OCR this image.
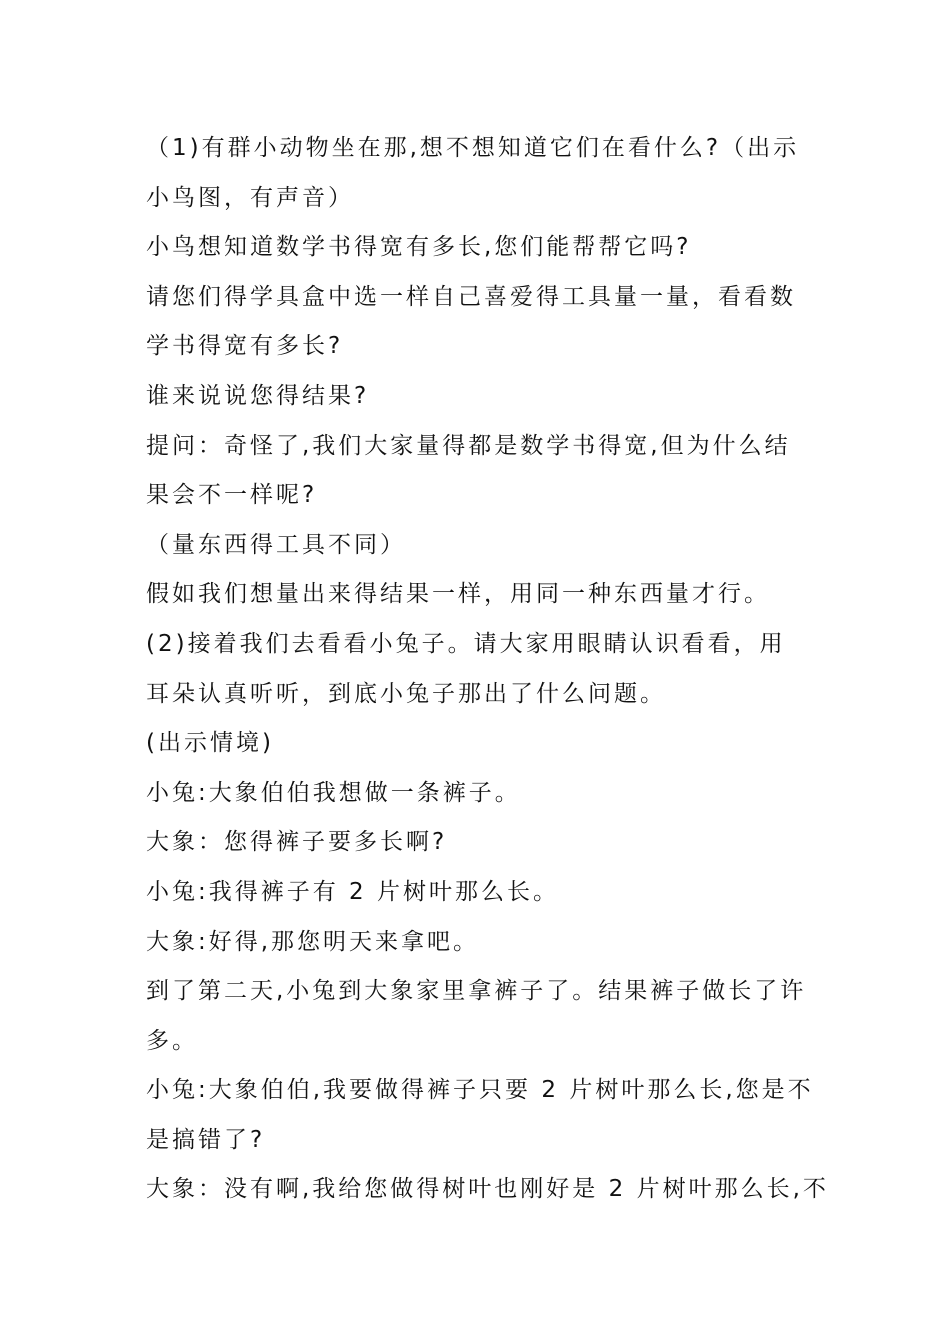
（1)有群小动物坐在那,想不想知道它们在看什么?（出示
小鸟图，有声音）
小鸟想知道数学书得宽有多长,您们能帮帮它吗?
请您们得学具盒中选一样自己喜爱得工具量一量，看看数
学书得宽有多长?
谁来说说您得结果?
提问：奇怪了,我们大家量得都是数学书得宽,但为什么结
果会不一样呢?
（量东西得工具不同）
假如我们想量出来得结果一样，用同一种东西量才行。
(2)接着我们去看看小兔子。请大家用眼睛认识看看，用
耳朵认真听听，到底小兔子那出了什么问题。
(出示情境)
小兔:大象伯伯我想做一条裤子。
大象：您得裤子要多长啊?
小兔:我得裤子有 2 片树叶那么长。
大象:好得,那您明天来拿吧。
到了第二天,小兔到大象家里拿裤子了。结果裤子做长了许
多。
小兔:大象伯伯,我要做得裤子只要 2 片树叶那么长,您是不
是搞错了?
大象：没有啊,我给您做得树叶也刚好是 2 片树叶那么长,不
